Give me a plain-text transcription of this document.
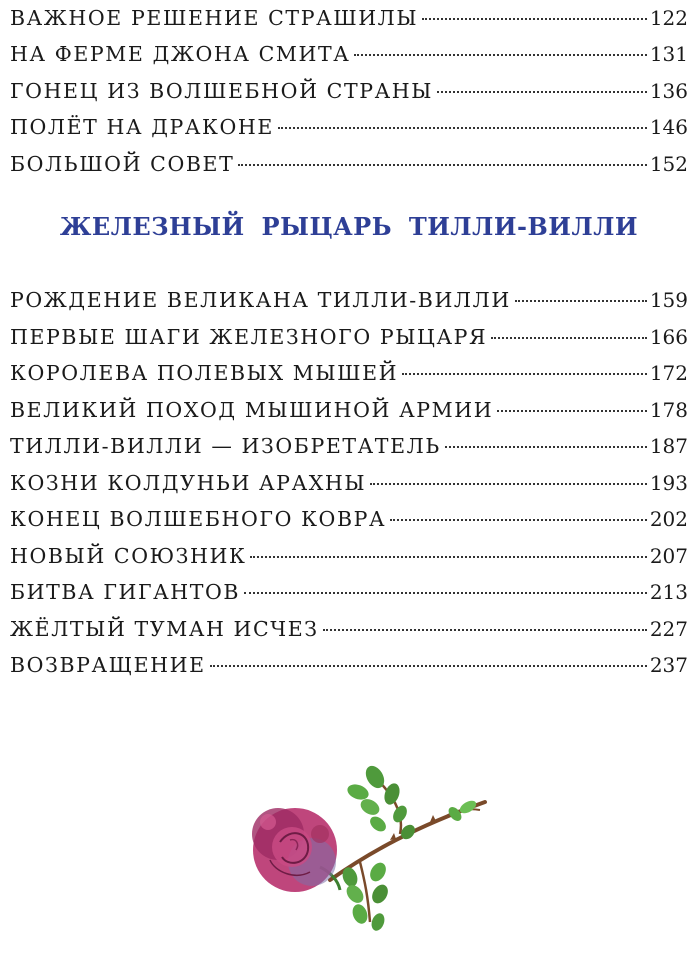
ВАЖНОЕ РЕШЕНИЕ СТРАШИЛЫ	122
НА ФЕРМЕ ДЖОНА СМИТА	131
ГОНЕЦ ИЗ ВОЛШЕБНОЙ СТРАНЫ	136
ПОЛЁТ НА ДРАКОНЕ	146
БОЛЬШОЙ СОВЕТ	152
ЖЕЛЕЗНЫЙ РЫЦАРЬ ТИЛЛИ-ВИЛЛИ
РОЖДЕНИЕ ВЕЛИКАНА ТИЛЛИ-ВИЛЛИ	159
ПЕРВЫЕ ШАГИ ЖЕЛЕЗНОГО РЫЦАРЯ	166
КОРОЛЕВА ПОЛЕВЫХ МЫШЕЙ	172
ВЕЛИКИЙ ПОХОД МЫШИНОЙ АРМИИ	178
ТИЛЛИ-ВИЛЛИ — ИЗОБРЕТАТЕЛЬ	187
КОЗНИ КОЛДУНЬИ АРАХНЫ	193
КОНЕЦ ВОЛШЕБНОГО КОВРА	202
НОВЫЙ СОЮЗНИК	207
БИТВА ГИГАНТОВ	213
ЖЁЛТЫЙ ТУМАН ИСЧЕЗ	227
ВОЗВРАЩЕНИЕ	237
